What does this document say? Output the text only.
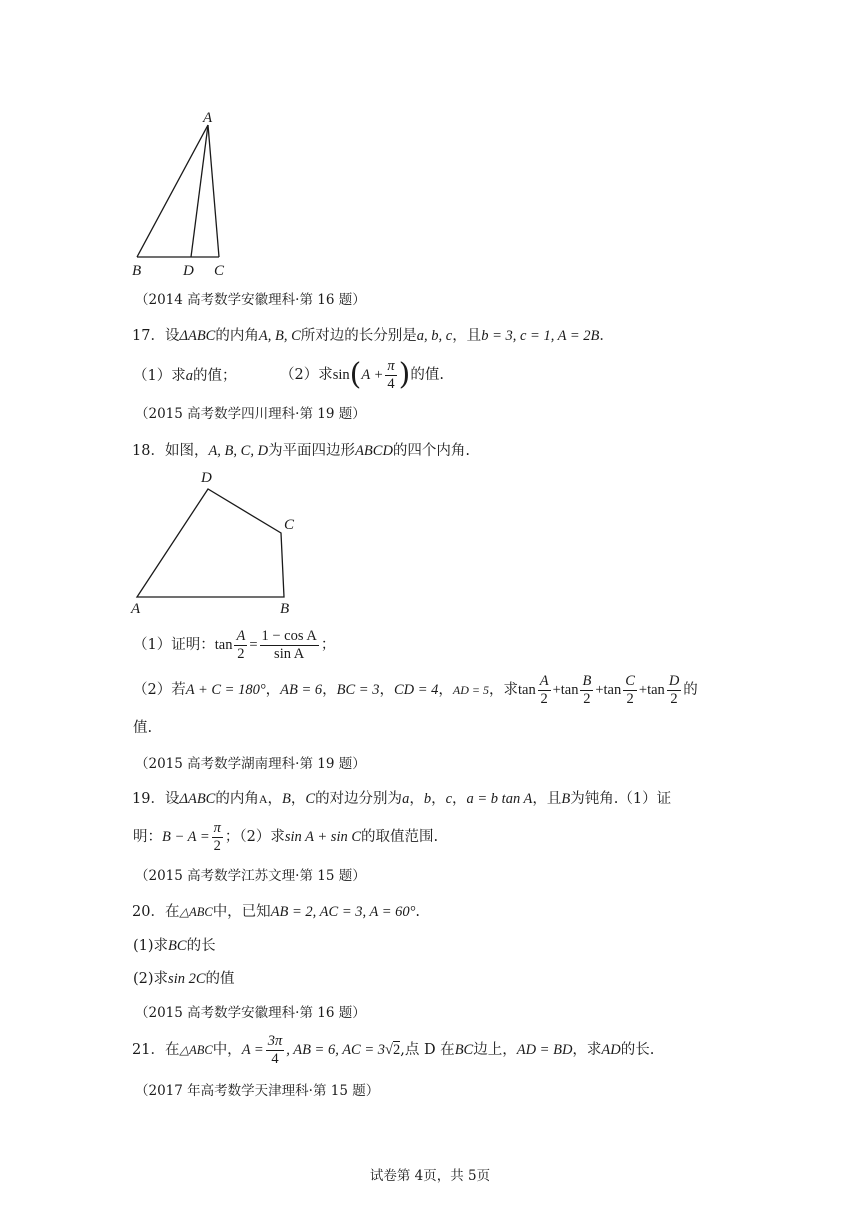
A
B	D C
（2014 高考数学安徽理科·第 16 题）
17．设ΔABC的内角A, B, C所对边的长分别是a, b, c，且b = 3, c = 1, A = 2B．
（1）求a的值；	（2）求$\sin(A + \frac{\pi}{4}$ )的值.
（2015 高考数学四川理科·第 19 题）
18．如图，A, B, C, D为平面四边形ABCD的四个内角.
D
C
A	B
（1）证明：$\tan \frac{A}{2} = \frac{\text{1 − cos A}}{\text{sin A}}$ ；
（2）若A + C = 180°，AB = 6，BC = 3，CD = 4，AD = 5，求$\tan \frac{A}{2} +\tan \frac{B}{2} +\tan \frac{C}{2} +\tan \frac{D}{2}$ 的
值.
（2015 高考数学湖南理科·第 19 题）
19．设ΔABC的内角A，B，C的对边分别为a，b，c，a = b tan A，且B为钝角.（1）证
明：$B - A = \frac{\pi}{2}$ ；（2）求sin A + sin C的取值范围.
（2015 高考数学江苏文理·第 15 题）
20．在△ABC中，已知AB = 2, AC = 3, A = 60°.
(1)求BC的长
(2)求sin 2C的值
（2015 高考数学安徽理科·第 16 题）
21．在△ABC中，$A = \frac{3\pi}{4}$ , AB = 6, AC = 3√2,点 D 在BC边上，AD = BD，求AD的长.
（2017 年高考数学天津理科·第 15 题）
试卷第 4页，共 5页
